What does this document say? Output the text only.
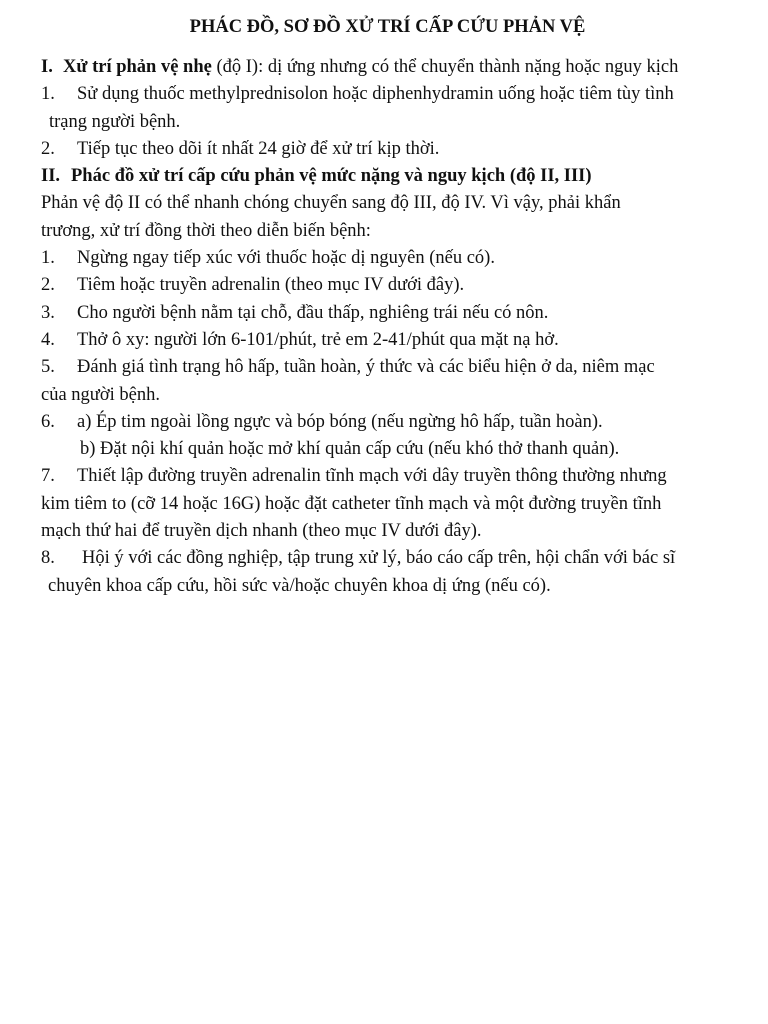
PHÁC ĐỒ, SƠ ĐỒ XỬ TRÍ CẤP CỨU PHẢN VỆ
I. Xử trí phản vệ nhẹ (độ I): dị ứng nhưng có thể chuyển thành nặng hoặc nguy kịch
1. Sử dụng thuốc methylprednisolon hoặc diphenhydramin uống hoặc tiêm tùy tình
trạng người bệnh.
2. Tiếp tục theo dõi ít nhất 24 giờ để xử trí kịp thời.
II. Phác đồ xử trí cấp cứu phản vệ mức nặng và nguy kịch (độ II, III)
Phản vệ độ II có thể nhanh chóng chuyển sang độ III, độ IV. Vì vậy, phải khẩn
trương, xử trí đồng thời theo diễn biến bệnh:
1. Ngừng ngay tiếp xúc với thuốc hoặc dị nguyên (nếu có).
2. Tiêm hoặc truyền adrenalin (theo mục IV dưới đây).
3. Cho người bệnh nằm tại chỗ, đầu thấp, nghiêng trái nếu có nôn.
4. Thở ô xy: người lớn 6-101/phút, trẻ em 2-41/phút qua mặt nạ hở.
5. Đánh giá tình trạng hô hấp, tuần hoàn, ý thức và các biểu hiện ở da, niêm mạc
của người bệnh.
6. a) Ép tim ngoài lồng ngực và bóp bóng (nếu ngừng hô hấp, tuần hoàn).
b) Đặt nội khí quản hoặc mở khí quản cấp cứu (nếu khó thở thanh quản).
7. Thiết lập đường truyền adrenalin tĩnh mạch với dây truyền thông thường nhưng
kim tiêm to (cỡ 14 hoặc 16G) hoặc đặt catheter tĩnh mạch và một đường truyền tĩnh
mạch thứ hai để truyền dịch nhanh (theo mục IV dưới đây).
8. Hội ý với các đồng nghiệp, tập trung xử lý, báo cáo cấp trên, hội chẩn với bác sĩ
chuyên khoa cấp cứu, hồi sức và/hoặc chuyên khoa dị ứng (nếu có).
